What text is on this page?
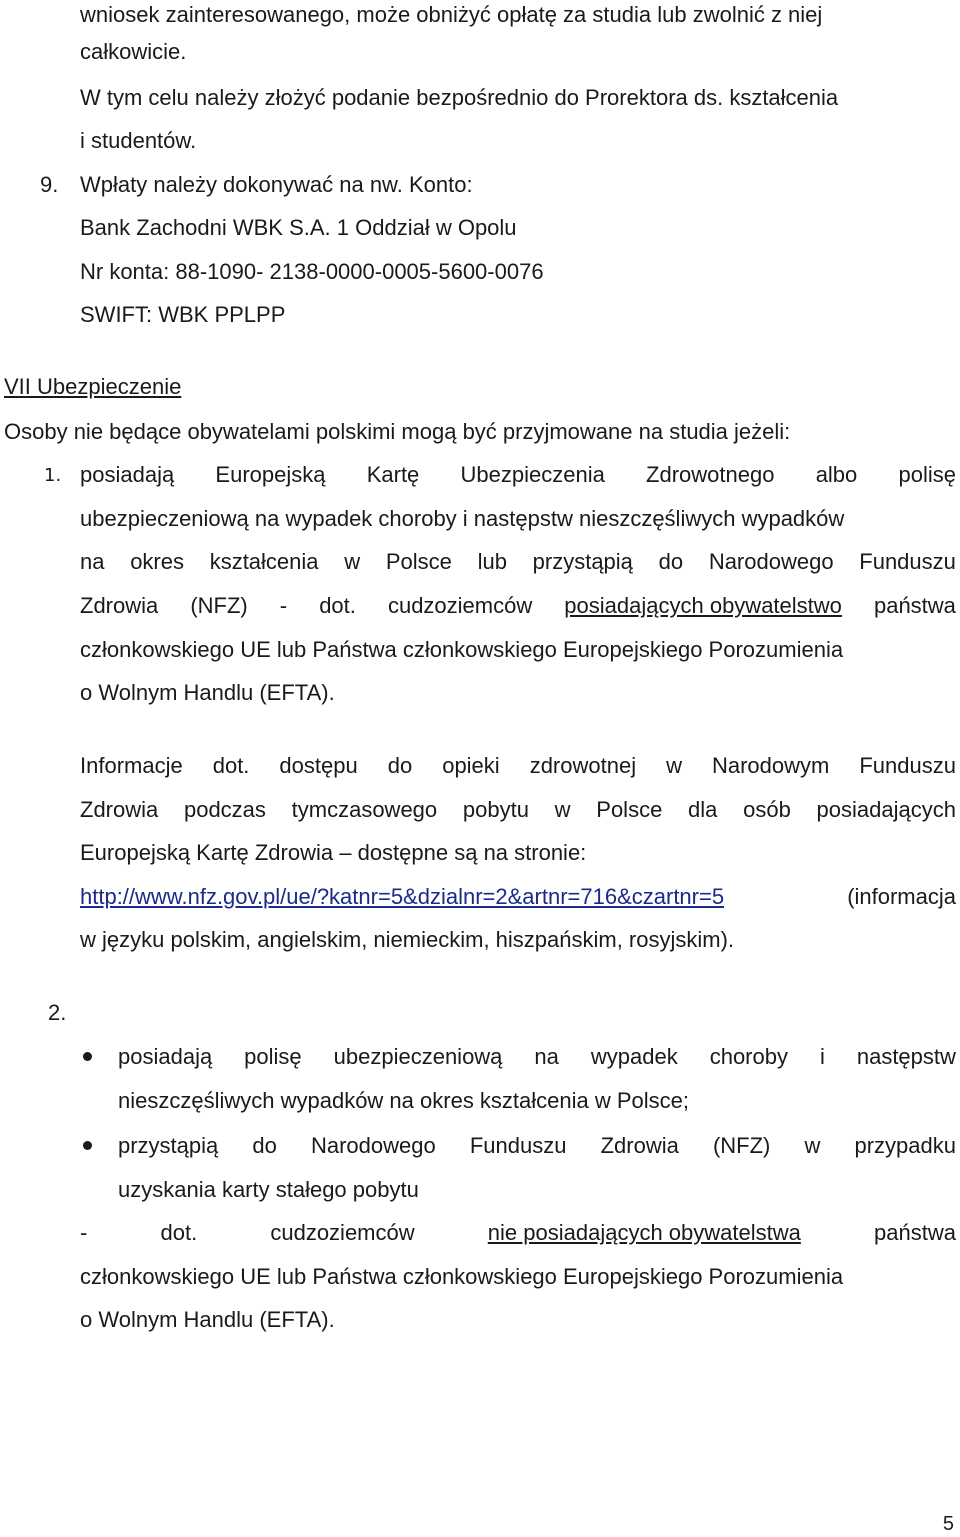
wniosek zainteresowanego, może obniżyć opłatę za studia lub zwolnić z niej
całkowicie.
W tym celu należy złożyć podanie bezpośrednio do Prorektora ds. kształcenia
i studentów.
9. Wpłaty należy dokonywać na nw. Konto:
Bank Zachodni WBK S.A. 1 Oddział w Opolu
Nr konta: 88-1090- 2138-0000-0005-5600-0076
SWIFT: WBK PPLPP
VII Ubezpieczenie
Osoby nie będące obywatelami polskimi mogą być przyjmowane na studia jeżeli:
1. posiadają Europejską Kartę Ubezpieczenia Zdrowotnego albo polisę
ubezpieczeniową na wypadek choroby i następstw nieszczęśliwych wypadków
na okres kształcenia w Polsce lub przystąpią do Narodowego Funduszu
Zdrowia (NFZ) - dot. cudzoziemców posiadających obywatelstwo państwa
członkowskiego UE lub Państwa członkowskiego Europejskiego Porozumienia
o Wolnym Handlu (EFTA).
Informacje dot. dostępu do opieki zdrowotnej w Narodowym Funduszu
Zdrowia podczas tymczasowego pobytu w Polsce dla osób posiadających
Europejską Kartę Zdrowia – dostępne są na stronie:
http://www.nfz.gov.pl/ue/?katnr=5&dzialnr=2&artnr=716&czartnr=5	(informacja
w języku polskim, angielskim, niemieckim, hiszpańskim, rosyjskim).
2.
posiadają polisę ubezpieczeniową na wypadek choroby i następstw
nieszczęśliwych wypadków na okres kształcenia w Polsce;
przystąpią do Narodowego Funduszu Zdrowia (NFZ) w przypadku
uzyskania karty stałego pobytu
-	dot.	cudzoziemców	nie posiadających obywatelstwa	państwa
członkowskiego UE lub Państwa członkowskiego Europejskiego Porozumienia
o Wolnym Handlu (EFTA).
5
